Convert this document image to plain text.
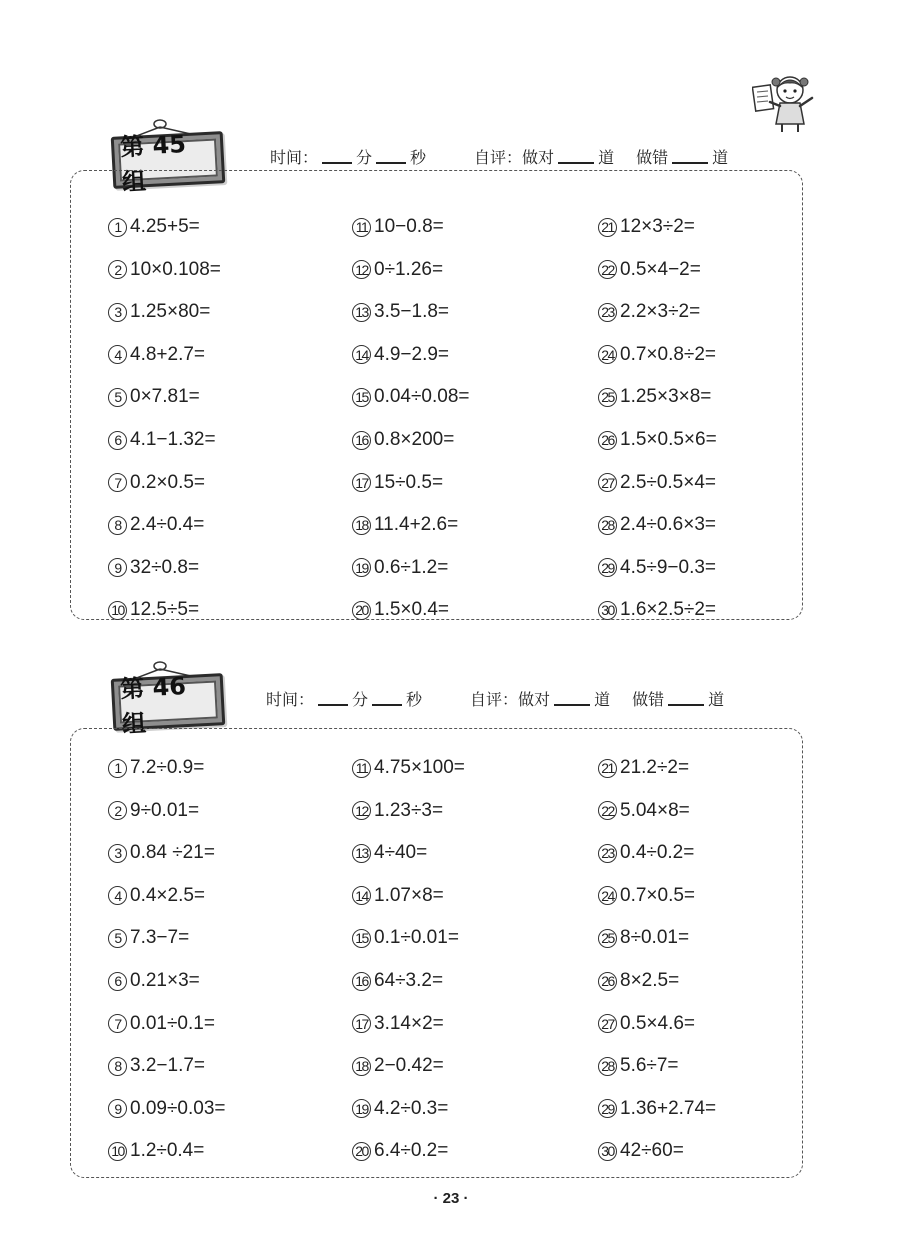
第 45 组
时间： 分 秒	自评：做对	道 做错	道
1 4.25+5=
2 10×0.108=
3 1.25×80=
4 4.8+2.7=
5 0×7.81=
6 4.1−1.32=
7 0.2×0.5=
8 2.4÷0.4=
9 32÷0.8=
10 12.5÷5=
11 10−0.8=
12 0÷1.26=
13 3.5−1.8=
14 4.9−2.9=
15 0.04÷0.08=
16 0.8×200=
17 15÷0.5=
18 11.4+2.6=
19 0.6÷1.2=
20 1.5×0.4=
21 12×3÷2=
22 0.5×4−2=
23 2.2×3÷2=
24 0.7×0.8÷2=
25 1.25×3×8=
26 1.5×0.5×6=
27 2.5÷0.5×4=
28 2.4÷0.6×3=
29 4.5÷9−0.3=
30 1.6×2.5÷2=
第 46 组
时间： 分 秒	自评：做对	道 做错	道
1 7.2÷0.9=
2 9÷0.01=
3 0.84 ÷21=
4 0.4×2.5=
5 7.3−7=
6 0.21×3=
7 0.01÷0.1=
8 3.2−1.7=
9 0.09÷0.03=
10 1.2÷0.4=
11 4.75×100=
12 1.23÷3=
13 4÷40=
14 1.07×8=
15 0.1÷0.01=
16 64÷3.2=
17 3.14×2=
18 2−0.42=
19 4.2÷0.3=
20 6.4÷0.2=
21 21.2÷2=
22 5.04×8=
23 0.4÷0.2=
24 0.7×0.5=
25 8÷0.01=
26 8×2.5=
27 0.5×4.6=
28 5.6÷7=
29 1.36+2.74=
30 42÷60=
· 23 ·
